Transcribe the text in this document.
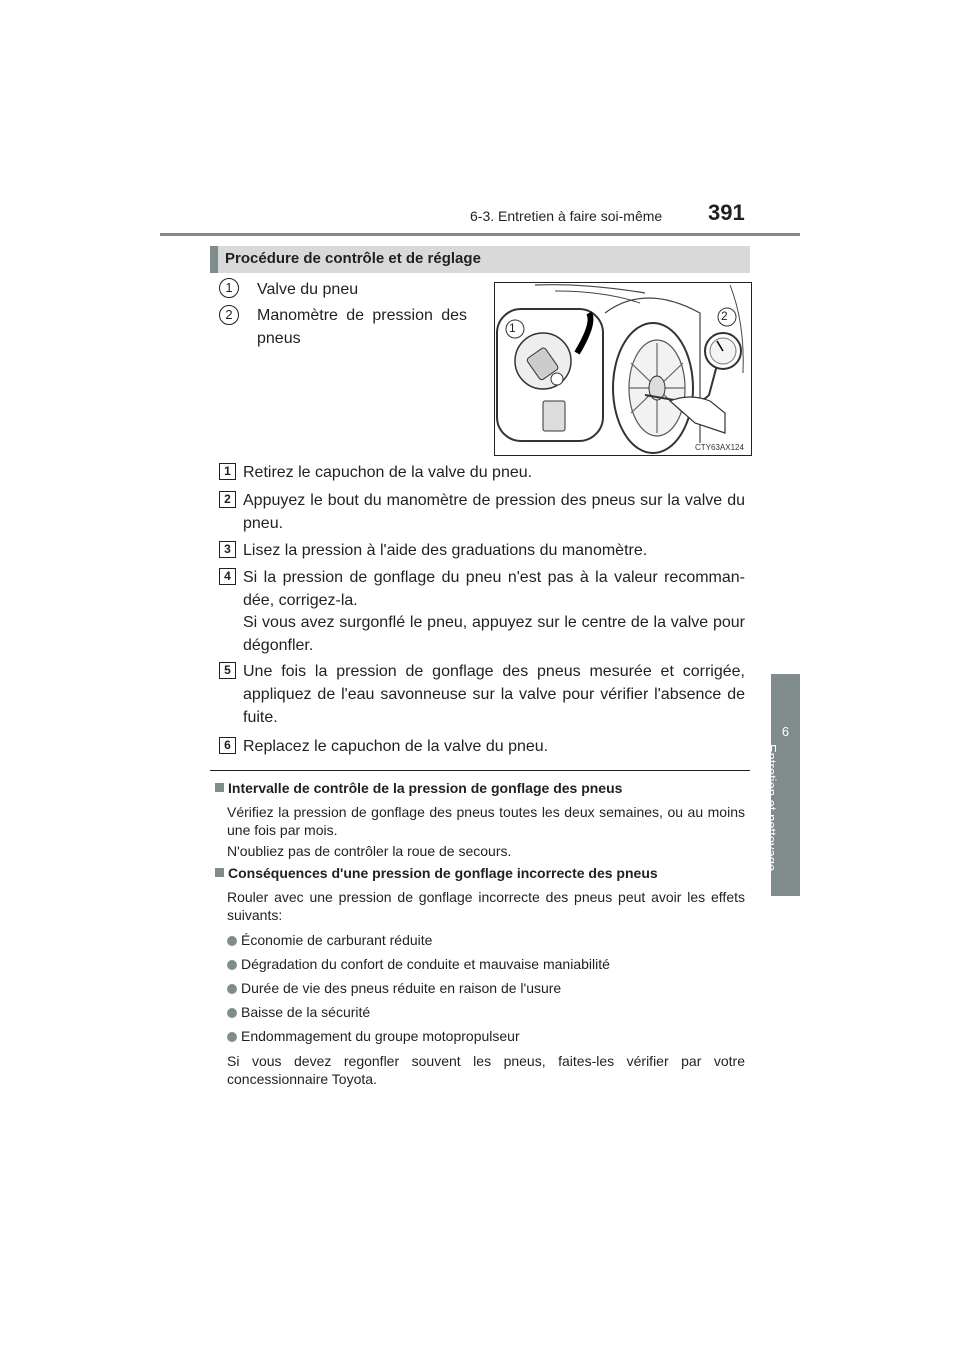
6-3. Entretien à faire soi-même 391
6
Entretien et nettoyage
Procédure de contrôle et de réglage
1	Valve du pneu
2	Manomètre de pression des
pneus
1
2
CTY63AX124
1 Retirez le capuchon de la valve du pneu.
2 Appuyez le bout du manomètre de pression des pneus sur la valve du pneu.
3 Lisez la pression à l'aide des graduations du manomètre.
4 Si la pression de gonflage du pneu n'est pas à la valeur recomman-dée, corrigez-la.
Si vous avez surgonflé le pneu, appuyez sur le centre de la valve pour dégonfler.
5 Une fois la pression de gonflage des pneus mesurée et corrigée, appliquez de l'eau savonneuse sur la valve pour vérifier l'absence de fuite.
6 Replacez le capuchon de la valve du pneu.
Intervalle de contrôle de la pression de gonflage des pneus
Vérifiez la pression de gonflage des pneus toutes les deux semaines, ou au moins une fois par mois.
N'oubliez pas de contrôler la roue de secours.
Conséquences d'une pression de gonflage incorrecte des pneus
Rouler avec une pression de gonflage incorrecte des pneus peut avoir les effets suivants:
Économie de carburant réduite
Dégradation du confort de conduite et mauvaise maniabilité
Durée de vie des pneus réduite en raison de l'usure
Baisse de la sécurité
Endommagement du groupe motopropulseur
Si vous devez regonfler souvent les pneus, faites-les vérifier par votre concessionnaire Toyota.
